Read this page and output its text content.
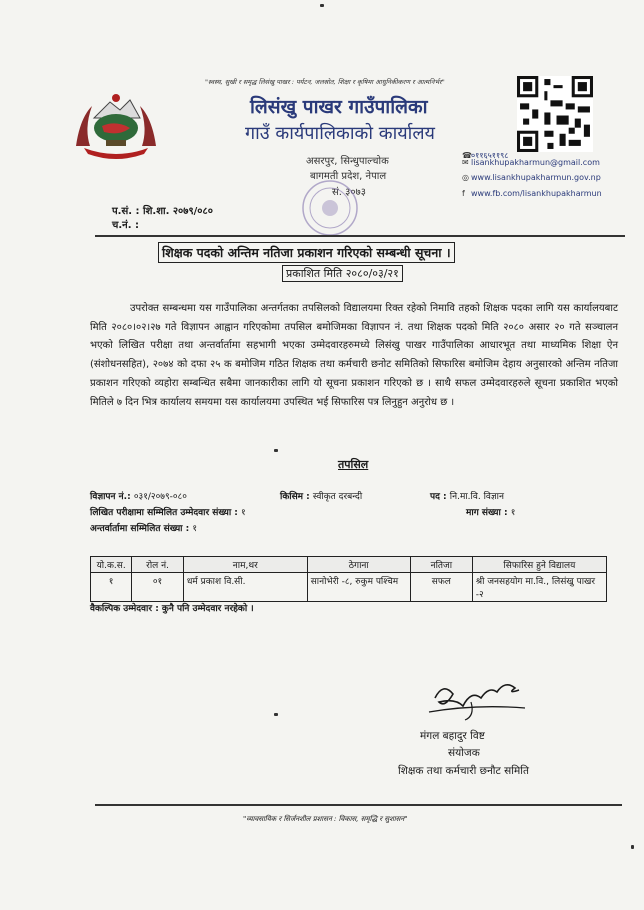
"स्वस्थ, सुखी र समृद्ध लिसंखु पाखर : पर्यटन, जलस्रोत, शिक्षा र कृषिमा आधुनिकीकरण र आत्मनिर्भर"
लिसंखु पाखर गाउँपालिका
गाउँ कार्यपालिकाको कार्यालय
असरपुर, सिन्धुपाल्चोक
बागमती प्रदेश, नेपाल
सं. ३०७३
☎०११६५११९८
✉ lisankhupakharmun@gmail.com
◎ www.lisankhupakharmun.gov.np
f www.fb.com/lisankhupakharmun
प.सं. : शि.शा. २०७९/०८०
च.नं. :
शिक्षक पदको अन्तिम नतिजा प्रकाशन गरिएको सम्बन्धी सूचना ।
प्रकाशित मिति २०८०/०३/२१
उपरोक्त सम्बन्धमा यस गाउँपालिका अन्तर्गतका तपसिलको विद्यालयमा रिक्त रहेको निमावि तहको शिक्षक पदका लागि यस कार्यालयबाट मिति २०८०।०२।२७ गते विज्ञापन आह्वान गरिएकोमा तपसिल बमोजिमका विज्ञापन नं. तथा शिक्षक पदको मिति २०८० असार २० गते सञ्चालन भएको लिखित परीक्षा तथा अन्तर्वार्तामा सहभागी भएका उम्मेदवारहरुमध्ये लिसंखु पाखर गाउँपालिका आधारभूत तथा माध्यमिक शिक्षा ऐन (संशोधनसहित), २०७४ को दफा २५ क बमोजिम गठित शिक्षक तथा कर्मचारी छनोट समितिको सिफारिस बमोजिम देहाय अनुसारको अन्तिम नतिजा प्रकाशन गरिएको व्यहोरा सम्बन्धित सबैमा जानकारीका लागि यो सूचना प्रकाशन गरिएको छ । साथै सफल उम्मेदवारहरुले सूचना प्रकाशित भएको मितिले ७ दिन भित्र कार्यालय समयमा यस कार्यालयमा उपस्थित भई सिफारिस पत्र लिनुहुन अनुरोध छ ।
तपसिल
विज्ञापन नं.: ०३१/२०७९-०८०	किसिम : स्वीकृत दरबन्दी	पद : नि.मा.वि. विज्ञान
लिखित परीक्षामा सम्मिलित उम्मेदवार संख्या : १	माग संख्या : १
अन्तर्वार्तामा सम्मिलित संख्या : १
यो.क.स.	रोल नं.	नाम,थर	ठेगाना	नतिजा	सिफारिस हुने विद्यालय
१	०१	धर्म प्रकाश वि.सी.	सानोभेरी -८, रुकुम पश्चिम	सफल	श्री जनसहयोग मा.वि., लिसंखु पाखर -२
वैकल्पिक उम्मेदवार : कुनै पनि उम्मेदवार नरहेको ।
मंगल बहादुर विष्ट
संयोजक
शिक्षक तथा कर्मचारी छनौट समिति
"व्यावसायिक र सिर्जनशील प्रशासन : विकास, समृद्धि र सुशासन"
